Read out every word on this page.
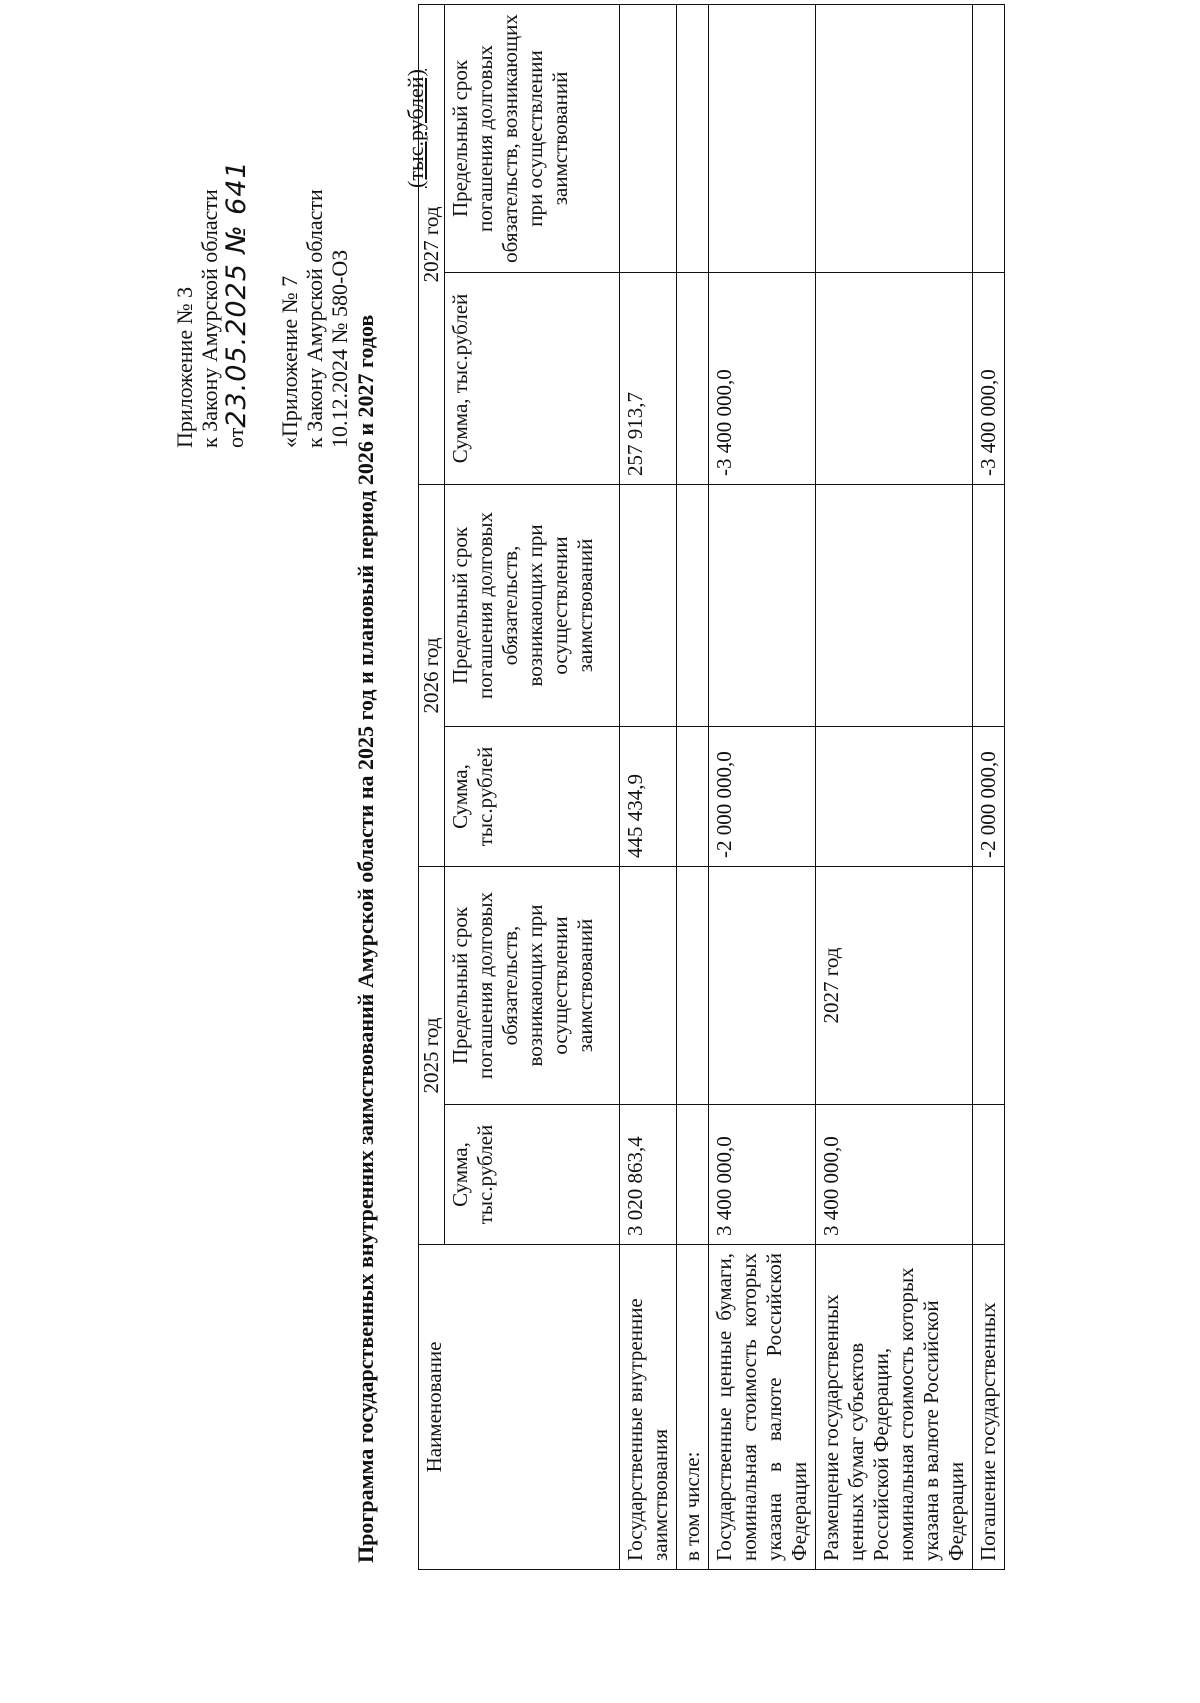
Приложение № 3 к Закону Амурской области от23.05.2025 № 641 «Приложение № 7 к Закону Амурской области 10.12.2024 № 580-ОЗ Программа государственных внутренних заимствований Амурской области на 2025 год и плановый период 2026 и 2027 годов
(тыс.рублей)
Наименование	2025 год		2026 год		2027 год	
	Сумма, тыс.рублей	Предельный срок погашения долговых обязательств, возникающих при осуществлении заимствований	Сумма, тыс.рублей	Предельный срок погашения долговых обязательств, возникающих при осуществлении заимствований	Сумма, тыс.рублей	Предельный срок погашения долговых обязательств, возникающих при осуществлении заимствований
Государственные внутренние заимствования	3 020 863,4		445 434,9		257 913,7	
в том числе:						
Государственные ценные бумаги, номинальная стоимость которых указана в валюте Российской Федерации	3 400 000,0		-2 000 000,0		-3 400 000,0	
Размещение государственных ценных бумаг субъектов Российской Федерации, номинальная стоимость которых указана в валюте Российской Федерации	3 400 000,0	2027 год				
Погашение государственных			-2 000 000,0		-3 400 000,0	
